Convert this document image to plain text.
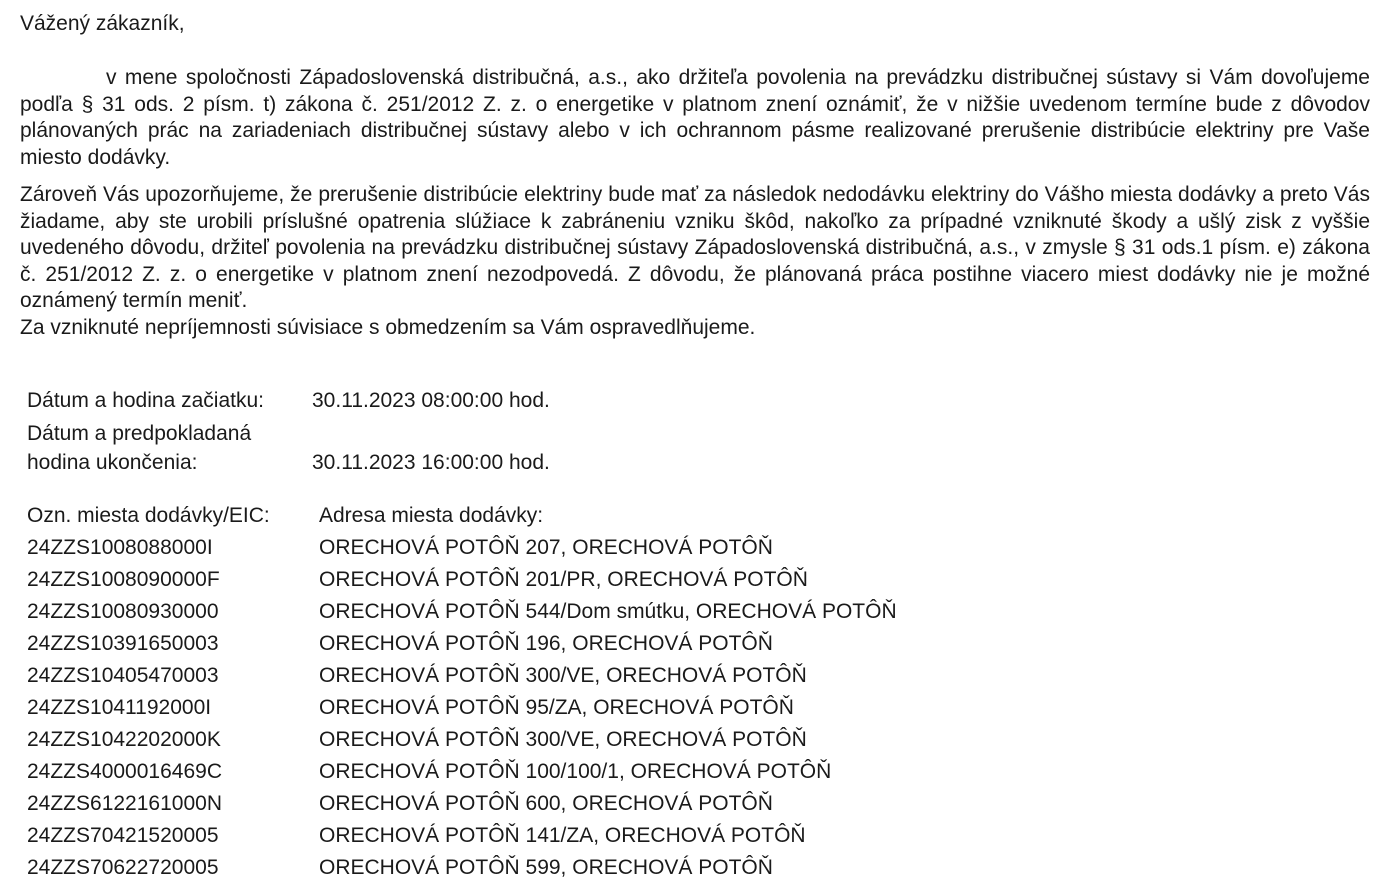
Vážený zákazník,

v mene spoločnosti Západoslovenská distribučná, a.s., ako držiteľa povolenia na prevádzku distribučnej sústavy si Vám dovoľujeme podľa § 31 ods. 2 písm. t) zákona č. 251/2012 Z. z. o energetike v platnom znení oznámiť, že v nižšie uvedenom termíne bude z dôvodov plánovaných prác na zariadeniach distribučnej sústavy alebo v ich ochrannom pásme realizované prerušenie distribúcie elektriny pre Vaše miesto dodávky.

Zároveň Vás upozorňujeme, že prerušenie distribúcie elektriny bude mať za následok nedodávku elektriny do Vášho miesta dodávky a preto Vás žiadame, aby ste urobili príslušné opatrenia slúžiace k zabráneniu vzniku škôd, nakoľko za prípadné vzniknuté škody a ušlý zisk z vyššie uvedeného dôvodu, držiteľ povolenia na prevádzku distribučnej sústavy Západoslovenská distribučná, a.s., v zmysle § 31 ods.1 písm. e) zákona č. 251/2012 Z. z. o energetike v platnom znení nezodpovedá. Z dôvodu, že plánovaná práca postihne viacero miest dodávky nie je možné oznámený termín meniť.

Za vzniknuté nepríjemnosti súvisiace s obmedzením sa Vám ospravedlňujeme.

Dátum a hodina začiatku:	30.11.2023 08:00:00 hod.
Dátum a predpokladaná
hodina ukončenia:	30.11.2023 16:00:00 hod.
Ozn. miesta dodávky/EIC:	Adresa miesta dodávky:
24ZZS1008088000I	ORECHOVÁ POTÔŇ 207, ORECHOVÁ POTÔŇ
24ZZS1008090000F	ORECHOVÁ POTÔŇ 201/PR, ORECHOVÁ POTÔŇ
24ZZS10080930000	ORECHOVÁ POTÔŇ 544/Dom smútku, ORECHOVÁ POTÔŇ
24ZZS10391650003	ORECHOVÁ POTÔŇ 196, ORECHOVÁ POTÔŇ
24ZZS10405470003	ORECHOVÁ POTÔŇ 300/VE, ORECHOVÁ POTÔŇ
24ZZS1041192000I	ORECHOVÁ POTÔŇ 95/ZA, ORECHOVÁ POTÔŇ
24ZZS1042202000K	ORECHOVÁ POTÔŇ 300/VE, ORECHOVÁ POTÔŇ
24ZZS4000016469C	ORECHOVÁ POTÔŇ 100/100/1, ORECHOVÁ POTÔŇ
24ZZS6122161000N	ORECHOVÁ POTÔŇ 600, ORECHOVÁ POTÔŇ
24ZZS70421520005	ORECHOVÁ POTÔŇ 141/ZA, ORECHOVÁ POTÔŇ
24ZZS70622720005	ORECHOVÁ POTÔŇ 599, ORECHOVÁ POTÔŇ
